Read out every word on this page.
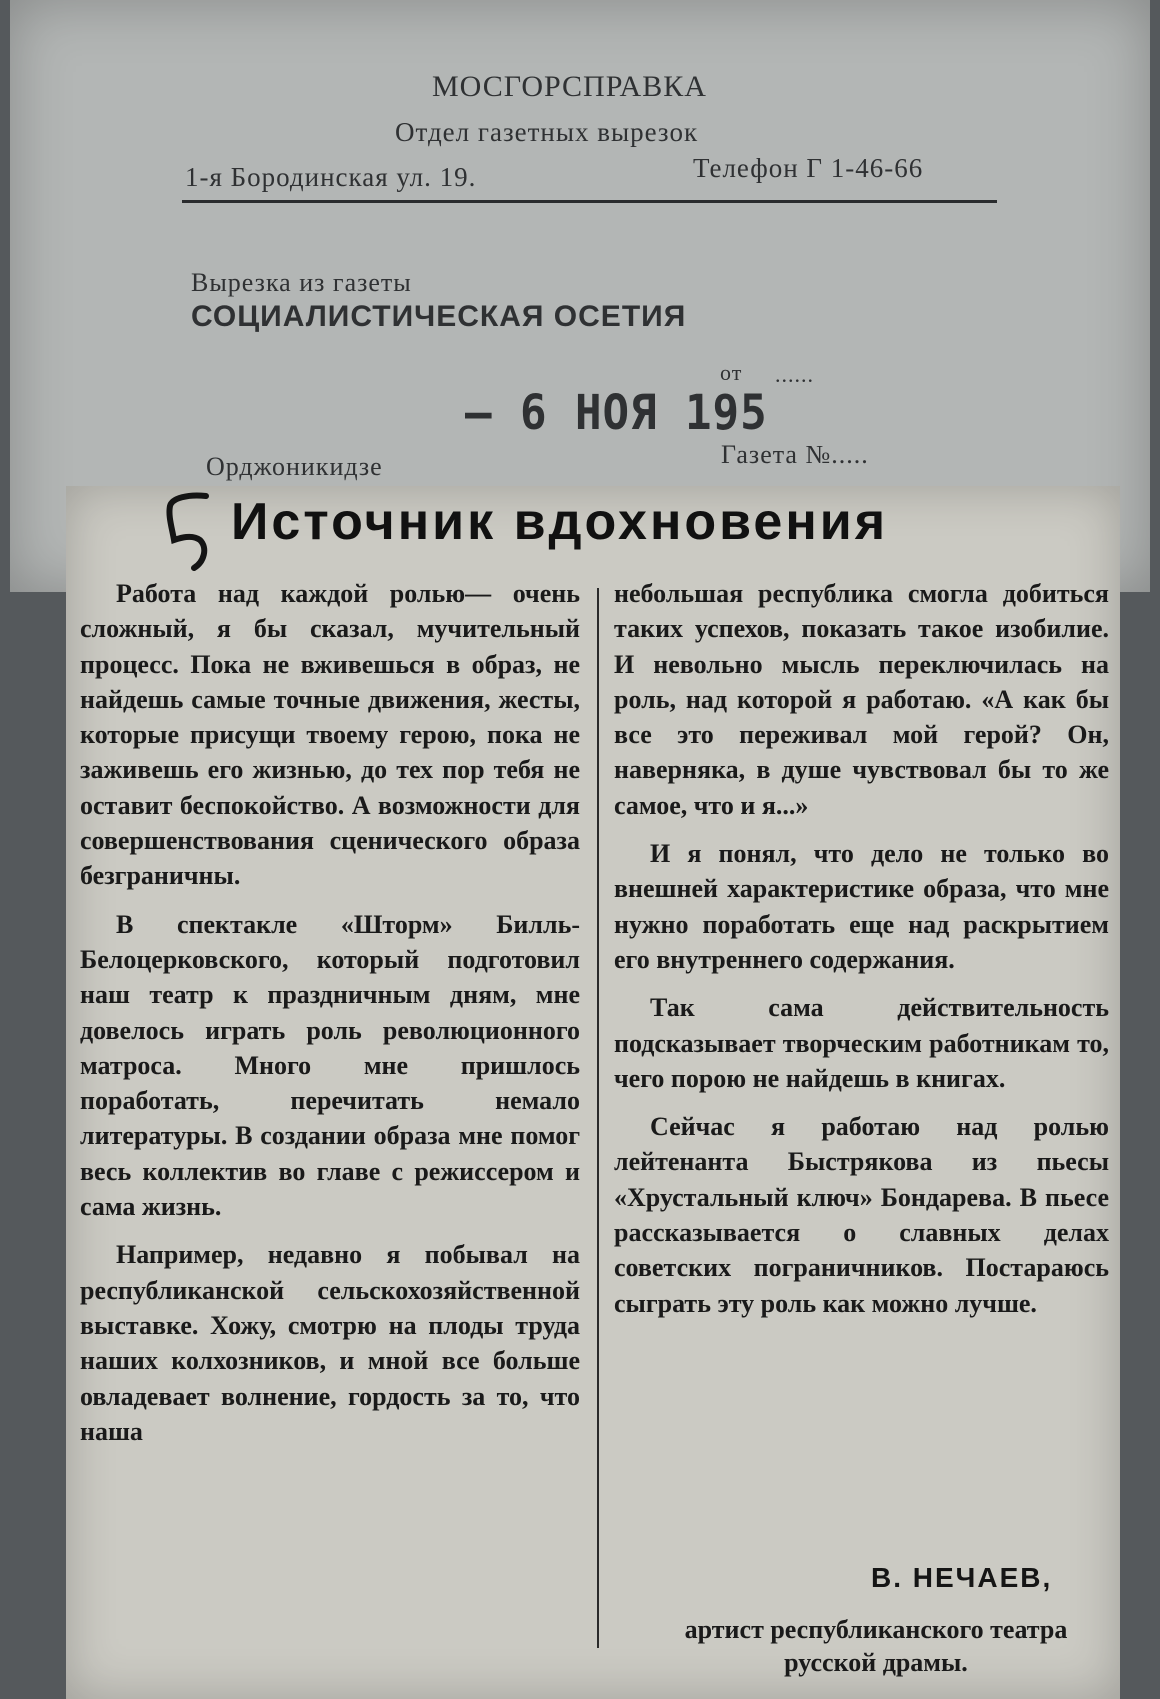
МОСГОРСПРАВКА
Отдел газетных вырезок
1-я Бородинская ул. 19.	Телефон Г 1-46-66
Вырезка из газеты
СОЦИАЛИСТИЧЕСКАЯ ОСЕТИЯ
от ......
– 6 НОЯ 195
Орджоникидзе	Газета №.....
Источник вдохновения

Работа над каждой ролью— очень сложный, я бы сказал, мучительный процесс. Пока не вживешься в образ, не найдешь самые точные движения, жесты, которые присущи твоему герою, пока не заживешь его жизнью, до тех пор тебя не оставит беспокойство. А возможности для совершенствования сценического образа безграничны.

В спектакле «Шторм» Билль-Белоцерковского, который подготовил наш театр к праздничным дням, мне довелось играть роль революционного матроса. Много мне пришлось поработать, перечитать немало литературы. В создании образа мне помог весь коллектив во главе с режиссером и сама жизнь.

Например, недавно я побывал на республиканской сельскохозяйственной выставке. Хожу, смотрю на плоды труда наших колхозников, и мной все больше овладевает волнение, гордость за то, что наша

небольшая республика смогла добиться таких успехов, показать такое изобилие. И невольно мысль переключилась на роль, над которой я работаю. «А как бы все это переживал мой герой? Он, наверняка, в душе чувствовал бы то же самое, что и я...»

И я понял, что дело не только во внешней характеристике образа, что мне нужно поработать еще над раскрытием его внутреннего содержания.

Так сама действительность подсказывает творческим работникам то, чего порою не найдешь в книгах.

Сейчас я работаю над ролью лейтенанта Быстрякова из пьесы «Хрустальный ключ» Бондарева. В пьесе рассказывается о славных делах советских пограничников. Постараюсь сыграть эту роль как можно лучше.

В. НЕЧАЕВ,
артист республиканского театра русской драмы.
